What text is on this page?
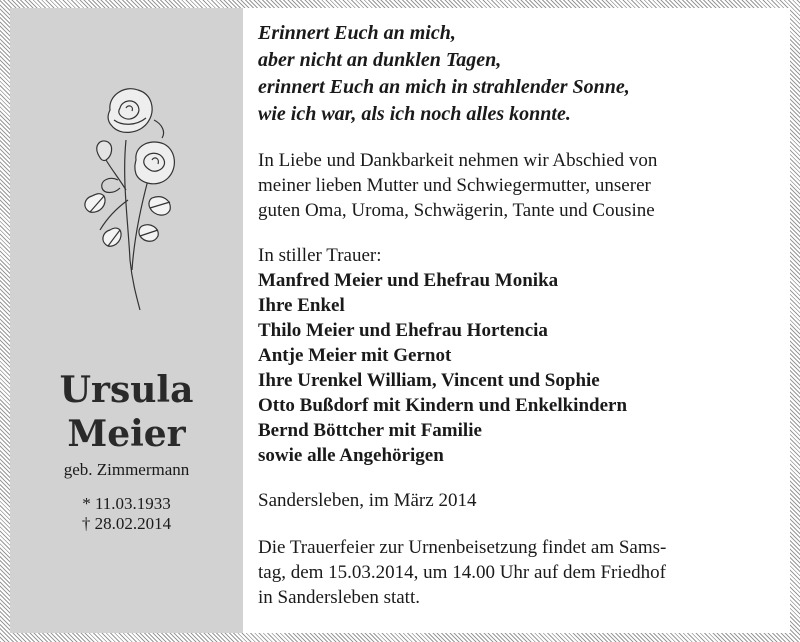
Ursula
Meier
geb. Zimmermann
* 11.03.1933
† 28.02.2014
Erinnert Euch an mich,
aber nicht an dunklen Tagen,
erinnert Euch an mich in strahlender Sonne,
wie ich war, als ich noch alles konnte.
In Liebe und Dankbarkeit nehmen wir Abschied von
meiner lieben Mutter und Schwiegermutter, unserer
guten Oma, Uroma, Schwägerin, Tante und Cousine
In stiller Trauer:
Manfred Meier und Ehefrau Monika
Ihre Enkel
Thilo Meier und Ehefrau Hortencia
Antje Meier mit Gernot
Ihre Urenkel William, Vincent und Sophie
Otto Bußdorf mit Kindern und Enkelkindern
Bernd Böttcher mit Familie
sowie alle Angehörigen
Sandersleben, im März 2014
Die Trauerfeier zur Urnenbeisetzung findet am Sams-
tag, dem 15.03.2014, um 14.00 Uhr auf dem Friedhof
in Sandersleben statt.
